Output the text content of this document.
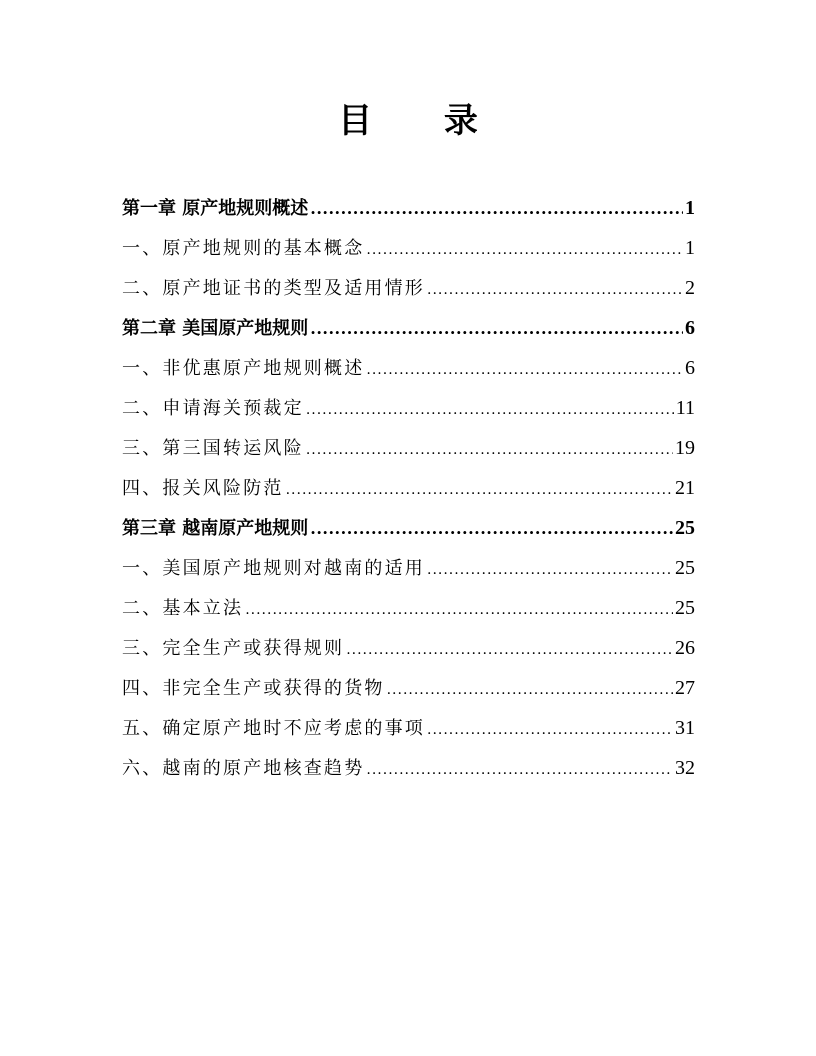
目 录
第一章 原产地规则概述 .....	1
一、原产地规则的基本概念 .....	1
二、原产地证书的类型及适用情形 .....	2
第二章 美国原产地规则 .....	6
一、非优惠原产地规则概述 .....	6
二、申请海关预裁定 .....	11
三、第三国转运风险 .....	19
四、报关风险防范 .....	21
第三章 越南原产地规则 .....	25
一、美国原产地规则对越南的适用 .....	25
二、基本立法 .....	25
三、完全生产或获得规则 .....	26
四、非完全生产或获得的货物 .....	27
五、确定原产地时不应考虑的事项 .....	31
六、越南的原产地核查趋势 .....	32
